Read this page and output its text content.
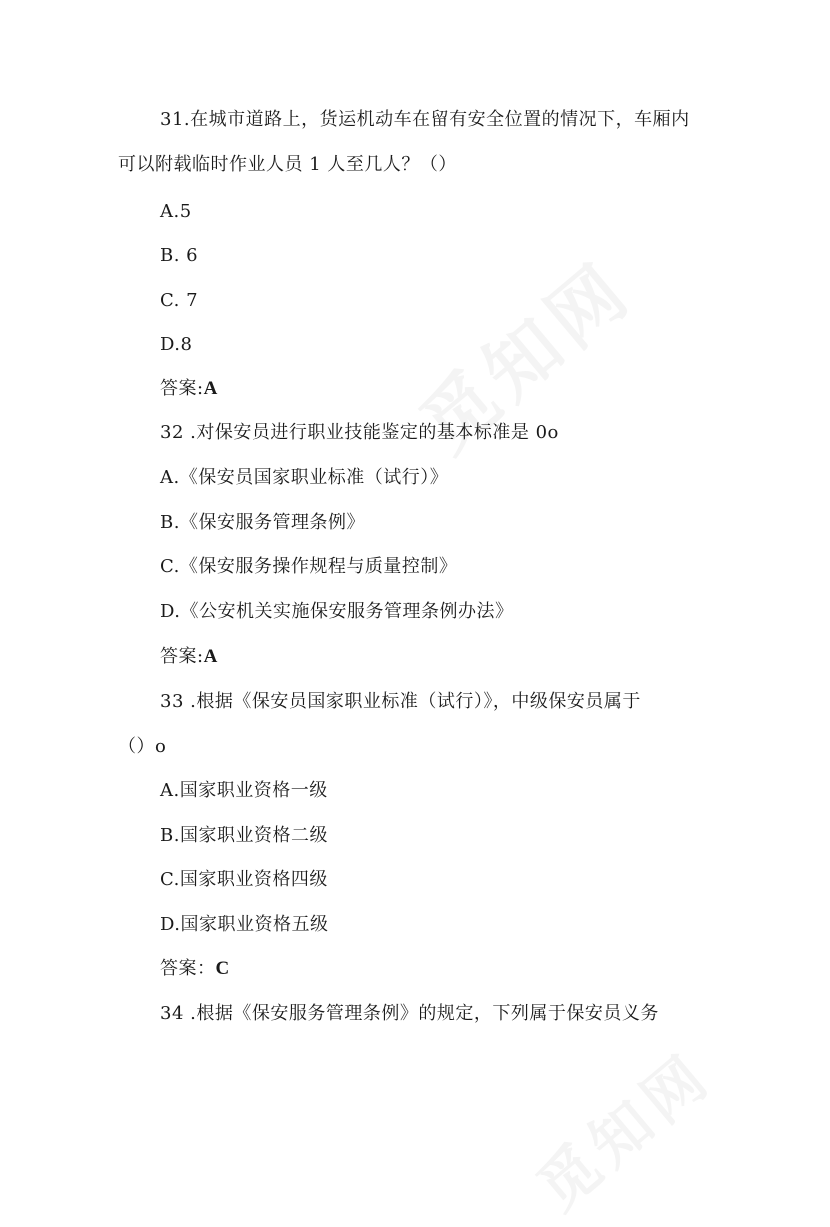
31.在城市道路上，货运机动车在留有安全位置的情况下，车厢内
可以附载临时作业人员 1 人至几人？（）
A.5
B. 6
C. 7
D.8
答案:A
32 .对保安员进行职业技能鉴定的基本标准是 0o
A.《保安员国家职业标准（试行）》
B.《保安服务管理条例》
C.《保安服务操作规程与质量控制》
D.《公安机关实施保安服务管理条例办法》
答案:A
33 .根据《保安员国家职业标准（试行）》，中级保安员属于
（）o
A.国家职业资格一级
B.国家职业资格二级
C.国家职业资格四级
D.国家职业资格五级
答案：C
34 .根据《保安服务管理条例》的规定，下列属于保安员义务
